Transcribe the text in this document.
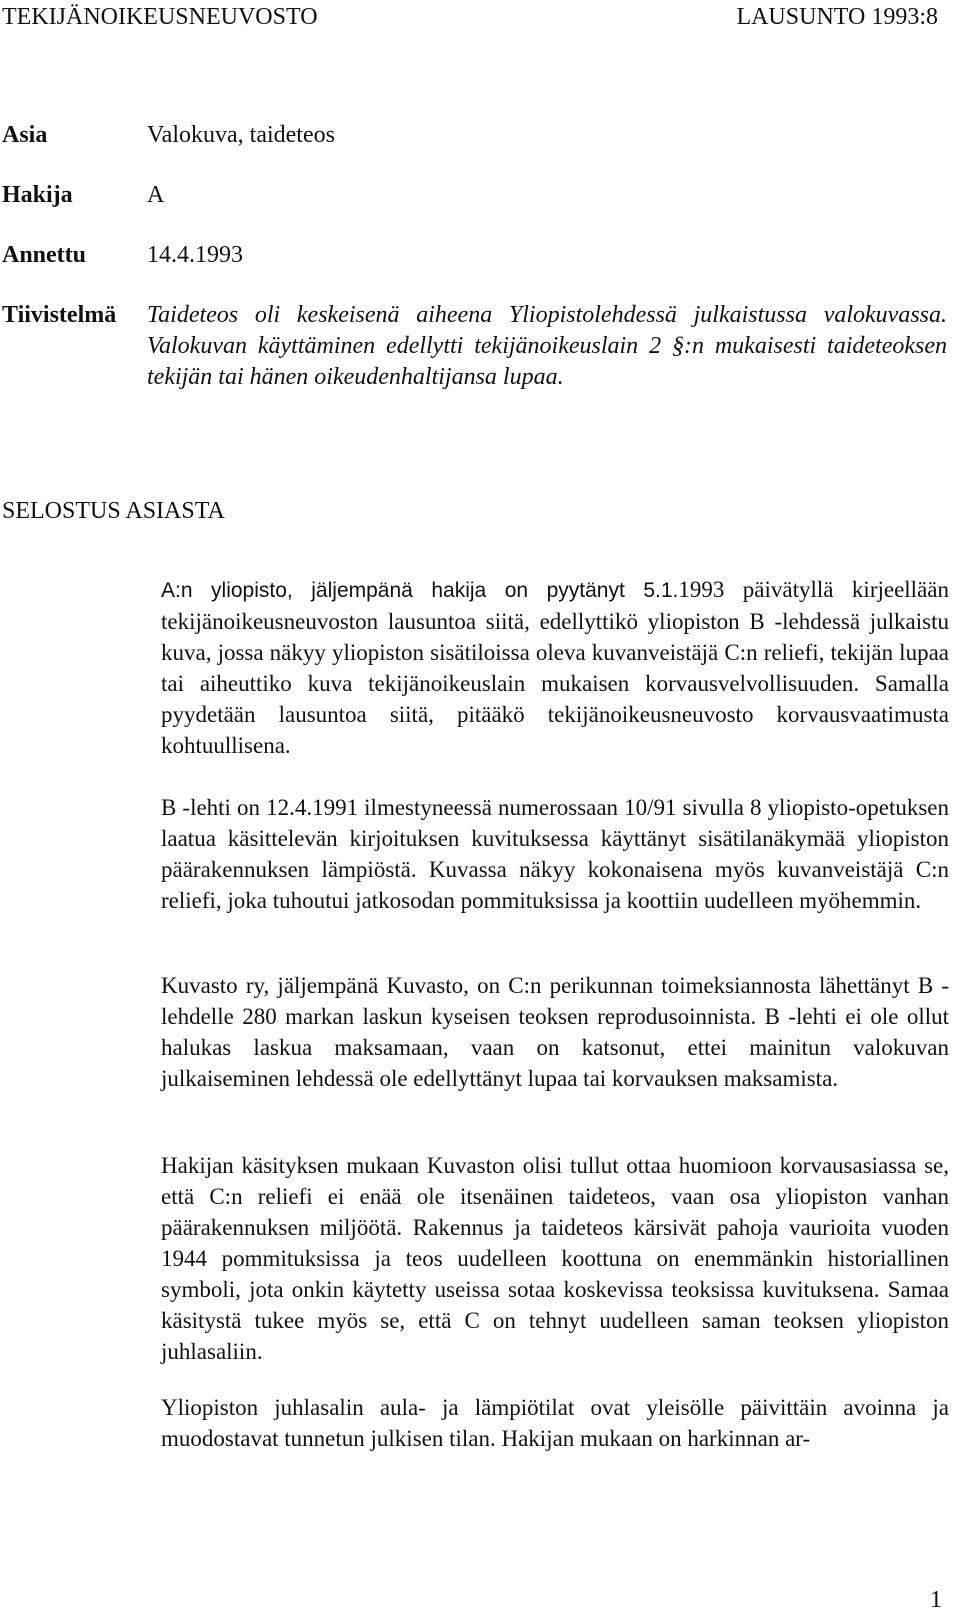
TEKIJÄNOIKEUSNEUVOSTO	LAUSUNTO 1993:8
Asia	Valokuva, taideteos
Hakija	A
Annettu	14.4.1993
Tiivistelmä Taideteos oli keskeisenä aiheena Yliopistolehdessä julkaistussa valokuvassa. Valokuvan käyttäminen edellytti tekijänoikeuslain 2 §:n mukaisesti taideteoksen tekijän tai hänen oikeudenhaltijansa lupaa.
SELOSTUS ASIASTA
A:n yliopisto, jäljempänä hakija on pyytänyt 5.1.1993 päivätyllä kirjeellään tekijänoikeusneuvoston lausuntoa siitä, edellyttikö yliopiston B -lehdessä julkaistu kuva, jossa näkyy yliopiston sisätiloissa oleva kuvanveistäjä C:n reliefi, tekijän lupaa tai aiheuttiko kuva tekijänoikeuslain mukaisen korvausvelvollisuuden. Samalla pyydetään lausuntoa siitä, pitääkö tekijänoikeusneuvosto korvausvaatimusta kohtuullisena.
B -lehti on 12.4.1991 ilmestyneessä numerossaan 10/91 sivulla 8 yliopisto-opetuksen laatua käsittelevän kirjoituksen kuvituksessa käyttänyt sisätilanäkymää yliopiston päärakennuksen lämpiöstä. Kuvassa näkyy kokonaisena myös kuvanveistäjä C:n reliefi, joka tuhoutui jatkosodan pommituksissa ja koottiin uudelleen myöhemmin.
Kuvasto ry, jäljempänä Kuvasto, on C:n perikunnan toimeksiannosta lähettänyt B -lehdelle 280 markan laskun kyseisen teoksen reprodusoinnista. B -lehti ei ole ollut halukas laskua maksamaan, vaan on katsonut, ettei mainitun valokuvan julkaiseminen lehdessä ole edellyttänyt lupaa tai korvauksen maksamista.
Hakijan käsityksen mukaan Kuvaston olisi tullut ottaa huomioon korvausasiassa se, että C:n reliefi ei enää ole itsenäinen taideteos, vaan osa yliopiston vanhan päärakennuksen miljöötä. Rakennus ja taideteos kärsivät pahoja vaurioita vuoden 1944 pommituksissa ja teos uudelleen koottuna on enemmänkin historiallinen symboli, jota onkin käytetty useissa sotaa koskevissa teoksissa kuvituksena. Samaa käsitystä tukee myös se, että C on tehnyt uudelleen saman teoksen yliopiston juhlasaliin.
Yliopiston juhlasalin aula- ja lämpiötilat ovat yleisölle päivittäin avoinna ja muodostavat tunnetun julkisen tilan. Hakijan mukaan on harkinnan ar-
1
